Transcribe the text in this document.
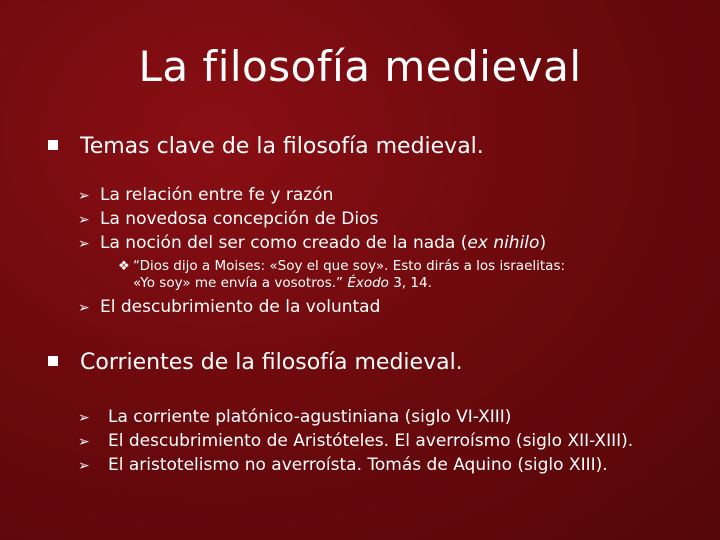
La filosofía medieval
Temas clave de la filosofía medieval.
➢ La relación entre fe y razón
➢ La novedosa concepción de Dios
➢ La noción del ser como creado de la nada (ex nihilo)
❖ “Dios dijo a Moises: «Soy el que soy». Esto dirás a los israelitas:
«Yo soy» me envía a vosotros.” Éxodo 3, 14.
➢ El descubrimiento de la voluntad
Corrientes de la filosofía medieval.
➢ La corriente platónico-agustiniana (siglo VI-XIII)
➢ El descubrimiento de Aristóteles. El averroísmo (siglo XII-XIII).
➢ El aristotelismo no averroísta. Tomás de Aquino (siglo XIII).
